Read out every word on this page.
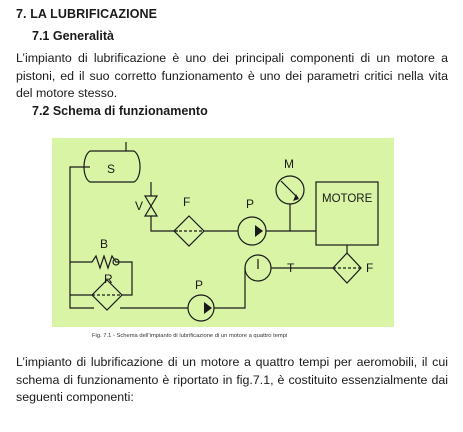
7. LA LUBRIFICAZIONE
7.1 Generalità
L’impianto di lubrificazione è uno dei principali componenti di un motore a pistoni, ed il suo corretto funzionamento è uno dei parametri critici nella vita del motore stesso.
7.2 Schema di funzionamento
S
V	F	P
M
MOTORE
B
R	P
T	F
Fig. 7.1 - Schema dell’impianto di lubrificazione di un motore a quattro tempi
L’impianto di lubrificazione di un motore a quattro tempi per aeromobili, il cui schema di funzionamento è riportato in fig.7.1, è costituito essenzialmente dai seguenti componenti:
